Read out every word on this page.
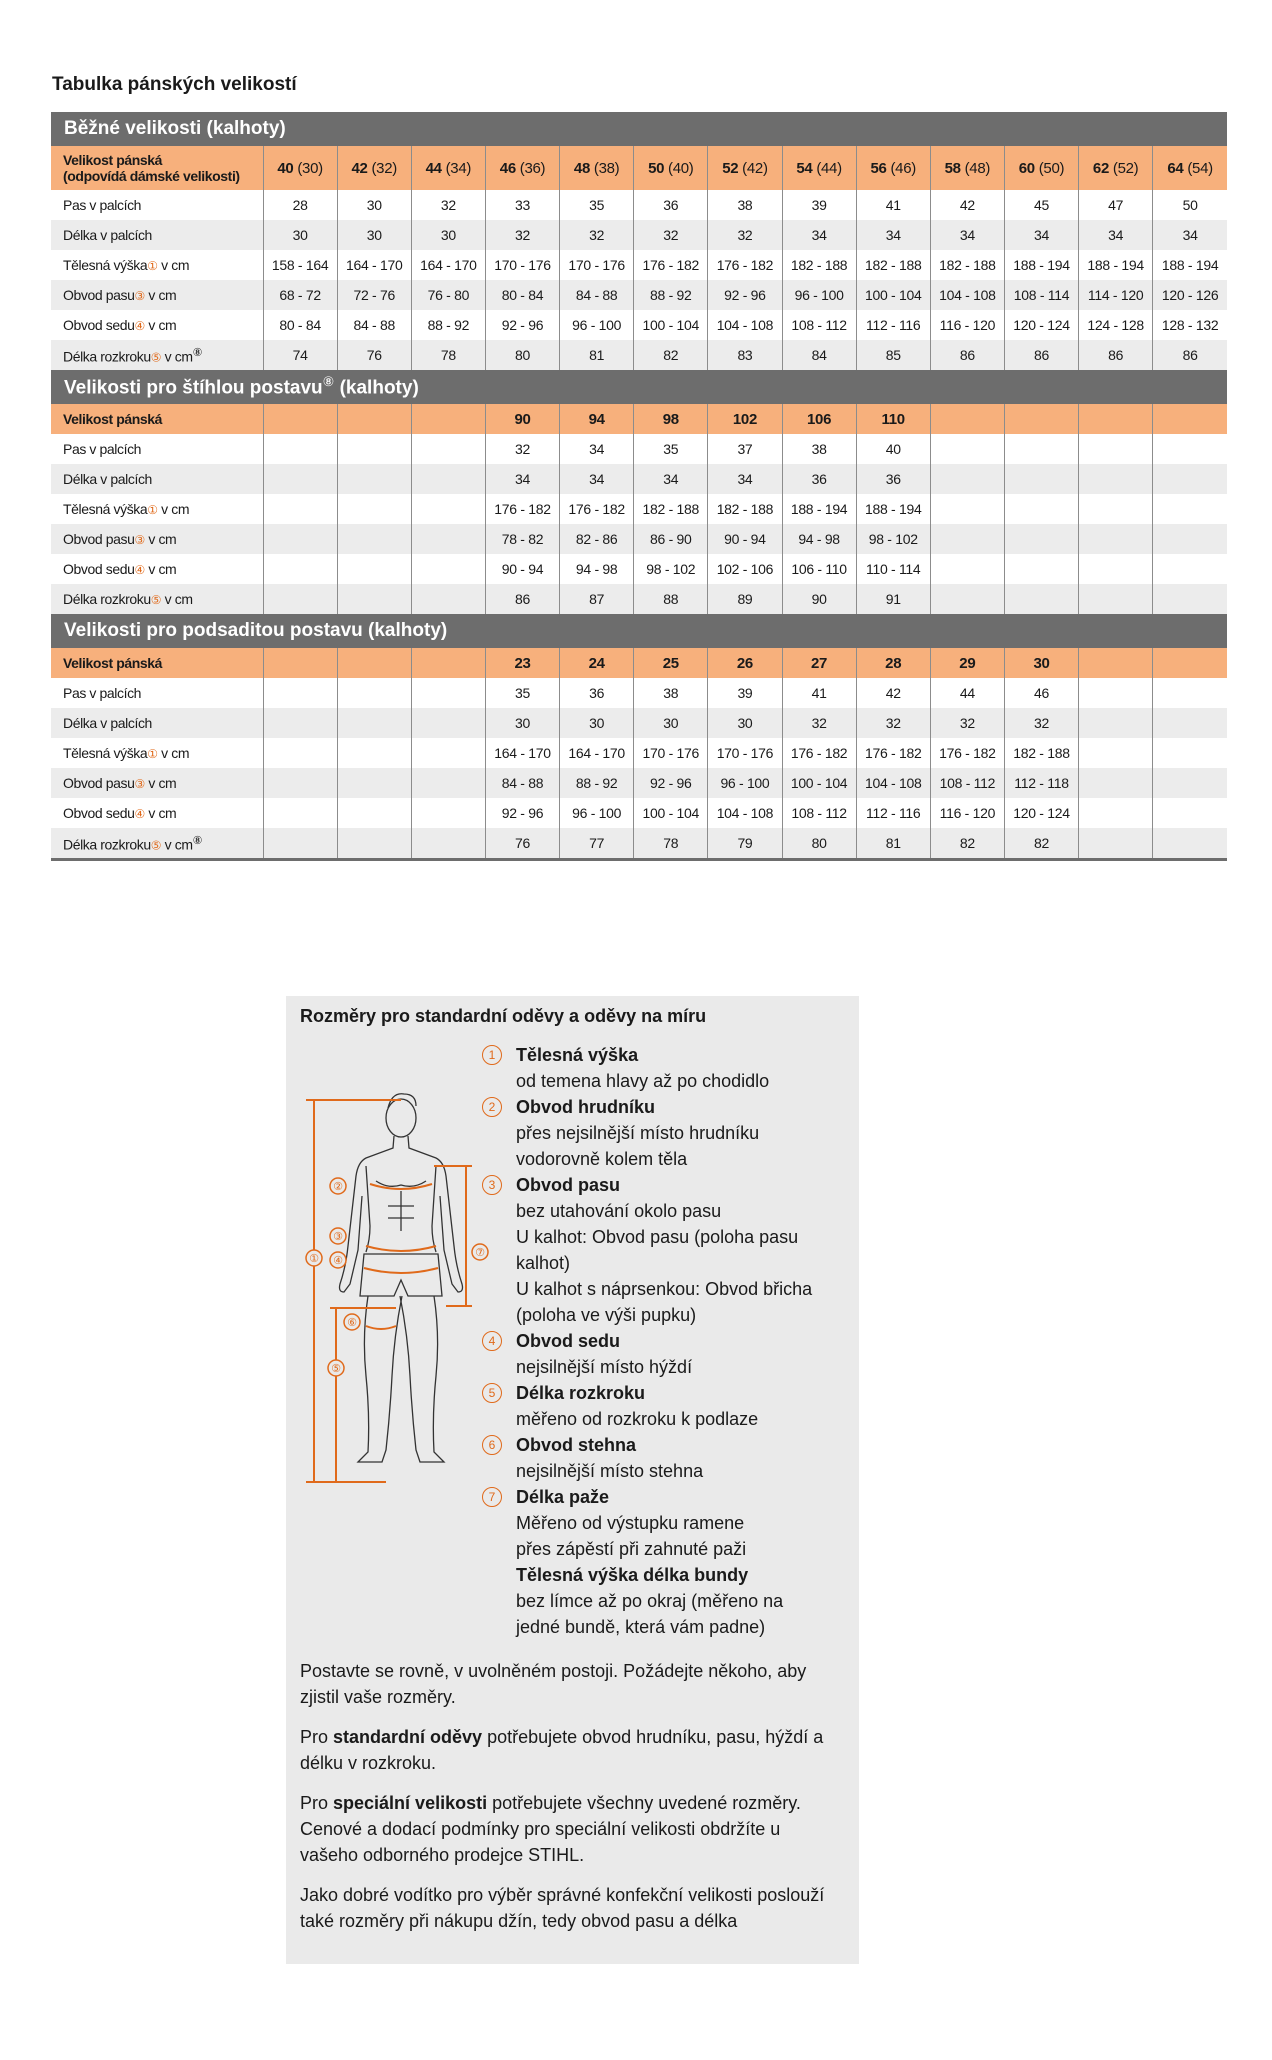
Tabulka pánských velikostí
Běžné velikosti (kalhoty)													

Velikost pánská
(odpovídá dámské velikosti)	40 (30)	42 (32)	44 (34)	46 (36)	48 (38)	50 (40)	52 (42)	54 (44)	56 (46)	58 (48)	60 (50)	62 (52)	64 (54)
Pas v palcích	28	30	32	33	35	36	38	39	41	42	45	47	50
Délka v palcích	30	30	30	32	32	32	32	34	34	34	34	34	34
Tělesná výška① v cm	158 - 164	164 - 170	164 - 170	170 - 176	170 - 176	176 - 182	176 - 182	182 - 188	182 - 188	182 - 188	188 - 194	188 - 194	188 - 194
Obvod pasu③ v cm	68 - 72	72 - 76	76 - 80	80 - 84	84 - 88	88 - 92	92 - 96	96 - 100	100 - 104	104 - 108	108 - 114	114 - 120	120 - 126
Obvod sedu④ v cm	80 - 84	84 - 88	88 - 92	92 - 96	96 - 100	100 - 104	104 - 108	108 - 112	112 - 116	116 - 120	120 - 124	124 - 128	128 - 132
Délka rozkroku⑤ v cm⑧	74	76	78	80	81	82	83	84	85	86	86	86	86
Velikosti pro štíhlou postavu⑧ (kalhoty)													

Velikost pánská				90	94	98	102	106	110				
Pas v palcích				32	34	35	37	38	40				
Délka v palcích				34	34	34	34	36	36				
Tělesná výška① v cm				176 - 182	176 - 182	182 - 188	182 - 188	188 - 194	188 - 194				
Obvod pasu③ v cm				78 - 82	82 - 86	86 - 90	90 - 94	94 - 98	98 - 102				
Obvod sedu④ v cm				90 - 94	94 - 98	98 - 102	102 - 106	106 - 110	110 - 114				
Délka rozkroku⑤ v cm				86	87	88	89	90	91				
Velikosti pro podsaditou postavu (kalhoty)													

Velikost pánská				23	24	25	26	27	28	29	30		
Pas v palcích				35	36	38	39	41	42	44	46		
Délka v palcích				30	30	30	30	32	32	32	32		
Tělesná výška① v cm				164 - 170	164 - 170	170 - 176	170 - 176	176 - 182	176 - 182	176 - 182	182 - 188		
Obvod pasu③ v cm				84 - 88	88 - 92	92 - 96	96 - 100	100 - 104	104 - 108	108 - 112	112 - 118		
Obvod sedu④ v cm				92 - 96	96 - 100	100 - 104	104 - 108	108 - 112	112 - 116	116 - 120	120 - 124		
Délka rozkroku⑤ v cm⑧				76	77	78	79	80	81	82	82		
Rozměry pro standardní oděvy a oděvy na míru
②
⑦
③
① ④
⑥
⑤
1	Tělesná výška
od temena hlavy až po chodidlo
2	Obvod hrudníku
přes nejsilnější místo hrudníku
vodorovně kolem těla
3	Obvod pasu
bez utahování okolo pasu
U kalhot: Obvod pasu (poloha pasu
kalhot)
U kalhot s náprsenkou: Obvod břicha
(poloha ve výši pupku)
4	Obvod sedu
nejsilnější místo hýždí
5	Délka rozkroku
měřeno od rozkroku k podlaze
6	Obvod stehna
nejsilnější místo stehna
7	Délka paže
Měřeno od výstupku ramene
přes zápěstí při zahnuté paži
Tělesná výška délka bundy
bez límce až po okraj (měřeno na
jedné bundě, která vám padne)

Postavte se rovně, v uvolněném postoji. Požádejte někoho, aby zjistil vaše rozměry.

Pro standardní oděvy potřebujete obvod hrudníku, pasu, hýždí a délku v rozkroku.

Pro speciální velikosti potřebujete všechny uvedené rozměry. Cenové a dodací podmínky pro speciální velikosti obdržíte u vašeho odborného prodejce STIHL.

Jako dobré vodítko pro výběr správné konfekční velikosti poslouží také rozměry při nákupu džín, tedy obvod pasu a délka
